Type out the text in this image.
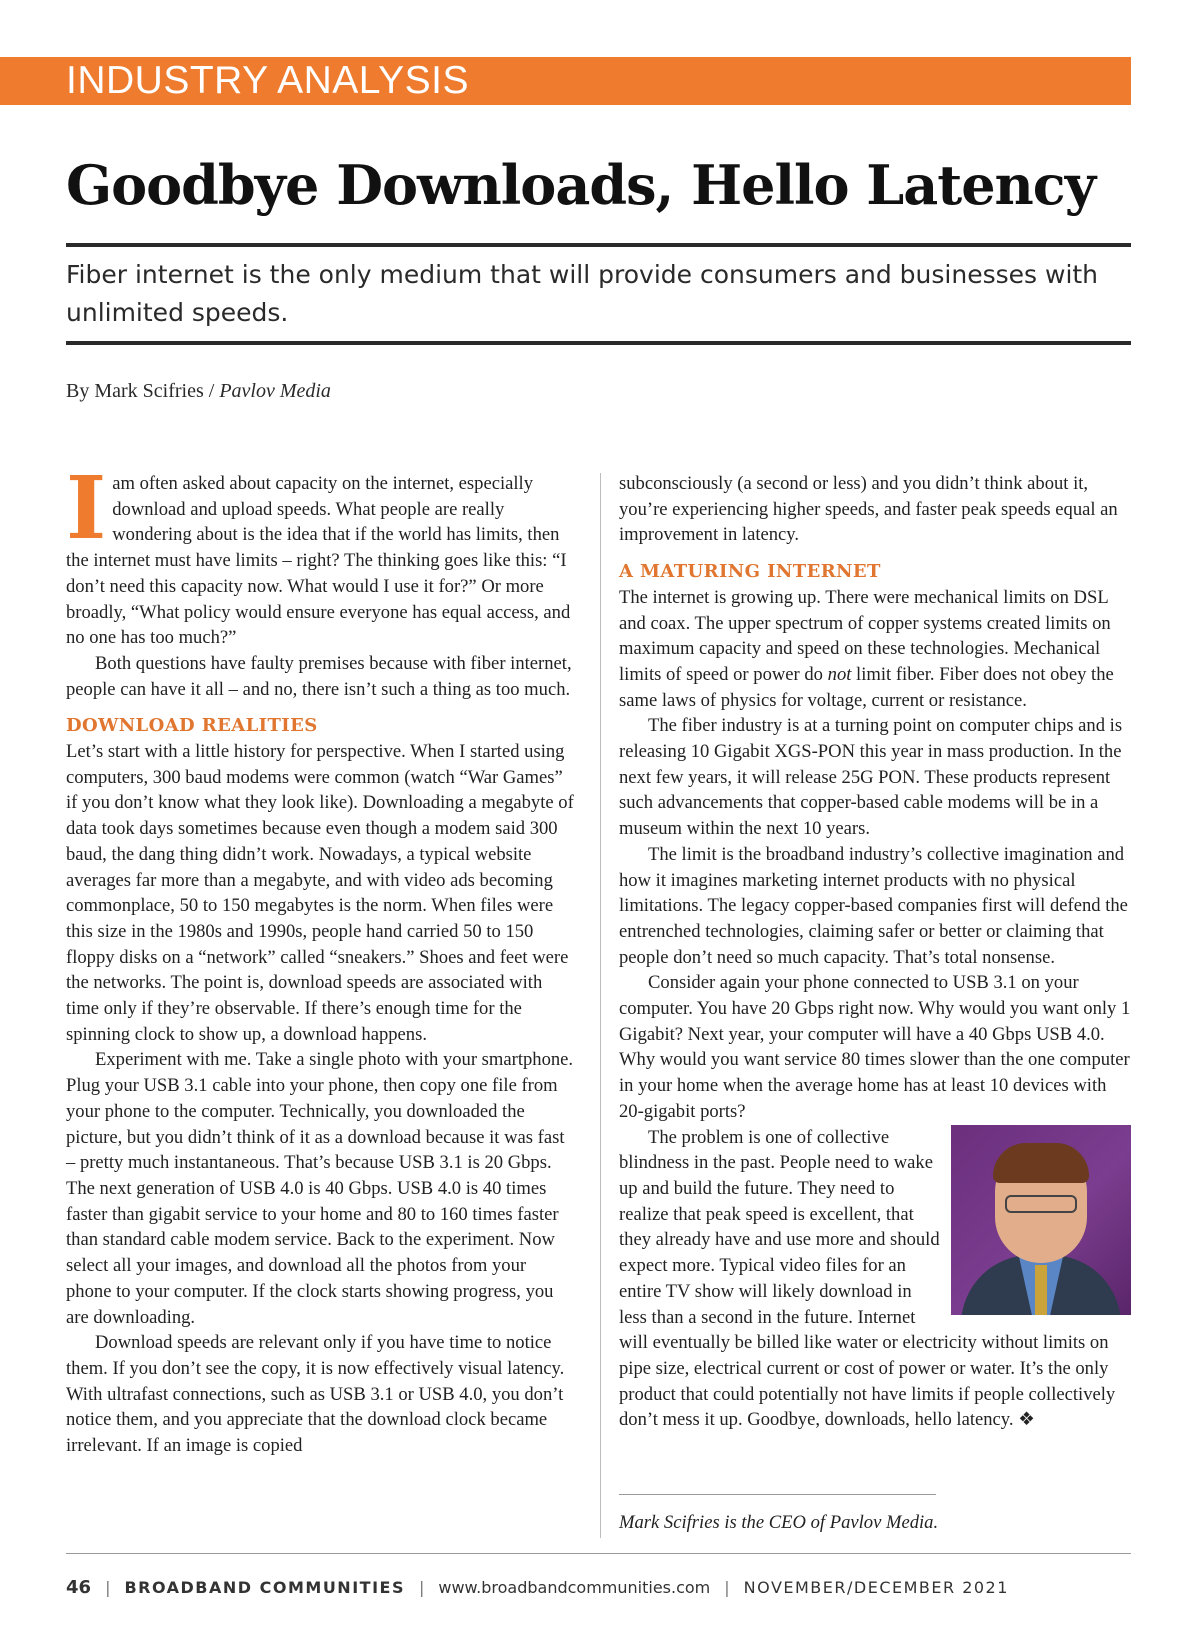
INDUSTRY ANALYSIS
Goodbye Downloads, Hello Latency
Fiber internet is the only medium that will provide consumers and businesses with unlimited speeds.
By Mark Scifries / Pavlov Media

Iam often asked about capacity on the internet, especially download and upload speeds. What people are really wondering about is the idea that if the world has limits, then the internet must have limits – right? The thinking goes like this: “I don’t need this capacity now. What would I use it for?” Or more broadly, “What policy would ensure everyone has equal access, and no one has too much?”

Both questions have faulty premises because with fiber internet, people can have it all – and no, there isn’t such a thing as too much.

DOWNLOAD REALITIES

Let’s start with a little history for perspective. When I started using computers, 300 baud modems were common (watch “War Games” if you don’t know what they look like). Downloading a megabyte of data took days sometimes because even though a modem said 300 baud, the dang thing didn’t work. Nowadays, a typical website averages far more than a megabyte, and with video ads becoming commonplace, 50 to 150 megabytes is the norm. When files were this size in the 1980s and 1990s, people hand carried 50 to 150 floppy disks on a “network” called “sneakers.” Shoes and feet were the networks. The point is, download speeds are associated with time only if they’re observable. If there’s enough time for the spinning clock to show up, a download happens.

Experiment with me. Take a single photo with your smartphone. Plug your USB 3.1 cable into your phone, then copy one file from your phone to the computer. Technically, you downloaded the picture, but you didn’t think of it as a download because it was fast – pretty much instantaneous. That’s because USB 3.1 is 20 Gbps. The next generation of USB 4.0 is 40 Gbps. USB 4.0 is 40 times faster than gigabit service to your home and 80 to 160 times faster than standard cable modem service. Back to the experiment. Now select all your images, and download all the photos from your phone to your computer. If the clock starts showing progress, you are downloading.

Download speeds are relevant only if you have time to notice them. If you don’t see the copy, it is now effectively visual latency. With ultrafast connections, such as USB 3.1 or USB 4.0, you don’t notice them, and you appreciate that the download clock became irrelevant. If an image is copied

subconsciously (a second or less) and you didn’t think about it, you’re experiencing higher speeds, and faster peak speeds equal an improvement in latency.

A MATURING INTERNET

The internet is growing up. There were mechanical limits on DSL and coax. The upper spectrum of copper systems created limits on maximum capacity and speed on these technologies. Mechanical limits of speed or power do not limit fiber. Fiber does not obey the same laws of physics for voltage, current or resistance.

The fiber industry is at a turning point on computer chips and is releasing 10 Gigabit XGS-PON this year in mass production. In the next few years, it will release 25G PON. These products represent such advancements that copper-based cable modems will be in a museum within the next 10 years.

The limit is the broadband industry’s collective imagination and how it imagines marketing internet products with no physical limitations. The legacy copper-based companies first will defend the entrenched technologies, claiming safer or better or claiming that people don’t need so much capacity. That’s total nonsense.

Consider again your phone connected to USB 3.1 on your computer. You have 20 Gbps right now. Why would you want only 1 Gigabit? Next year, your computer will have a 40 Gbps USB 4.0. Why would you want service 80 times slower than the one computer in your home when the average home has at least 10 devices with 20-gigabit ports?

The problem is one of collective blindness in the past. People need to wake up and build the future. They need to realize that peak speed is excellent, that they already have and use more and should expect more. Typical video files for an entire TV show will likely download in less than a second in the future. Internet will eventually be billed like water or electricity without limits on pipe size, electrical current or cost of power or water. It’s the only product that could potentially not have limits if people collectively don’t mess it up. Goodbye, downloads, hello latency. ❖

Mark Scifries is the CEO of Pavlov Media.
46 | BROADBAND COMMUNITIES | www.broadbandcommunities.com | NOVEMBER/DECEMBER 2021
